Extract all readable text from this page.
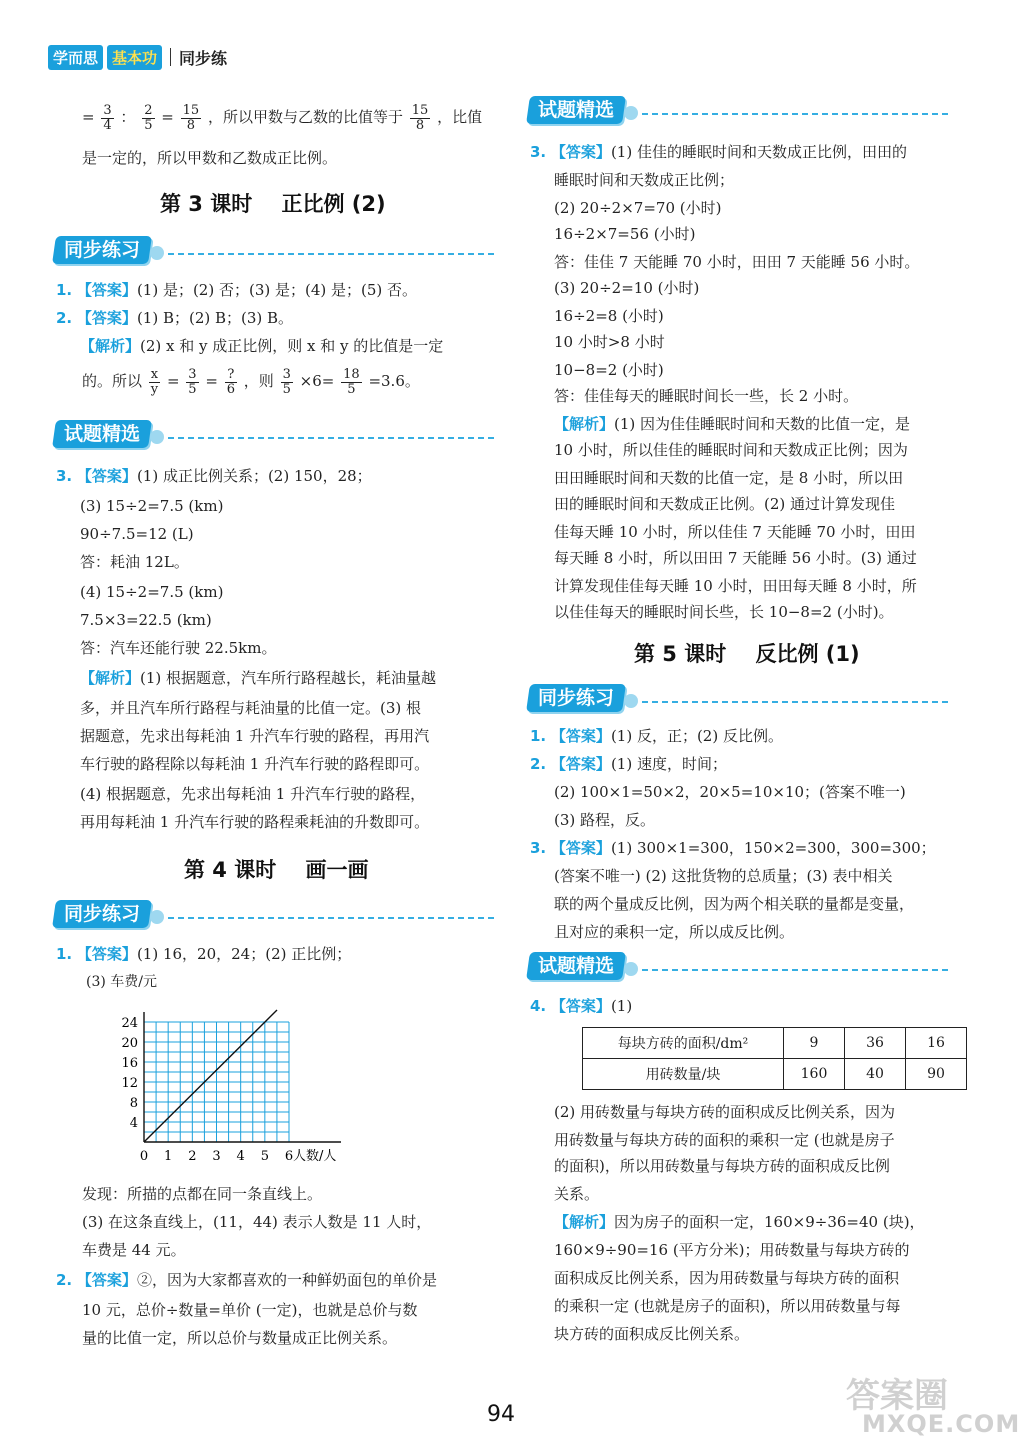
学而思 基本功	同步练
= $\frac{3}{4}$ ： $\frac{2}{5} = \frac{15}{8}$ ，所以甲数与乙数的比值等于 $\frac{15}{8}$ ，比值
是一定的，所以甲数和乙数成正比例。
第 3 课时    正比例 (2)
同步练习
1. 【答案】(1) 是；(2) 否；(3) 是；(4) 是；(5) 否。
2. 【答案】(1) B；(2) B；(3) B。
【解析】(2) x 和 y 成正比例，则 x 和 y 的比值是一定
的。所以 $\frac{x}{y} = \frac{3}{5} = \frac{?}{6}$ ，则 $\frac{3}{5} \times 6= \frac{18}{5} =3.6$。
试题精选
3. 【答案】(1) 成正比例关系；(2) 150，28；
(3) 15÷2=7.5 (km)
90÷7.5=12 (L)
答：耗油 12L。
(4) 15÷2=7.5 (km)
7.5×3=22.5 (km)
答：汽车还能行驶 22.5km。
【解析】(1) 根据题意，汽车所行路程越长，耗油量越
多，并且汽车所行路程与耗油量的比值一定。(3) 根
据题意，先求出每耗油 1 升汽车行驶的路程，再用汽
车行驶的路程除以每耗油 1 升汽车行驶的路程即可。
(4) 根据题意，先求出每耗油 1 升汽车行驶的路程，
再用每耗油 1 升汽车行驶的路程乘耗油的升数即可。
第 4 课时    画一画
同步练习
1. 【答案】(1) 16，20，24；(2) 正比例；
(3) 车费/元
0 1 2 3 4 5 6
4
8
12
16
20
24
人数/人
发现：所描的点都在同一条直线上。
(3) 在这条直线上，(11，44) 表示人数是 11 人时，
车费是 44 元。
2. 【答案】②，因为大家都喜欢的一种鲜奶面包的单价是
10 元，总价÷数量=单价 (一定)，也就是总价与数
量的比值一定，所以总价与数量成正比例关系。
试题精选
3. 【答案】(1) 佳佳的睡眠时间和天数成正比例，田田的
睡眠时间和天数成正比例；
(2) 20÷2×7=70 (小时)
16÷2×7=56 (小时)
答：佳佳 7 天能睡 70 小时，田田 7 天能睡 56 小时。
(3) 20÷2=10 (小时)
16÷2=8 (小时)
10 小时>8 小时
10−8=2 (小时)
答：佳佳每天的睡眠时间长一些，长 2 小时。
【解析】(1) 因为佳佳睡眠时间和天数的比值一定，是
10 小时，所以佳佳的睡眠时间和天数成正比例；因为
田田睡眠时间和天数的比值一定，是 8 小时，所以田
田的睡眠时间和天数成正比例。(2) 通过计算发现佳
佳每天睡 10 小时，所以佳佳 7 天能睡 70 小时，田田
每天睡 8 小时，所以田田 7 天能睡 56 小时。(3) 通过
计算发现佳佳每天睡 10 小时，田田每天睡 8 小时，所
以佳佳每天的睡眠时间长些，长 10−8=2 (小时)。
第 5 课时    反比例 (1)
同步练习
1. 【答案】(1) 反，正；(2) 反比例。
2. 【答案】(1) 速度，时间；
(2) 100×1=50×2，20×5=10×10；(答案不唯一)
(3) 路程，反。
3. 【答案】(1) 300×1=300，150×2=300，300=300；
(答案不唯一) (2) 这批货物的总质量；(3) 表中相关
联的两个量成反比例，因为两个相关联的量都是变量，
且对应的乘积一定，所以成反比例。
试题精选
4. 【答案】(1)
每块方砖的面积/dm²	9	36	16
用砖数量/块	160	40	90
(2) 用砖数量与每块方砖的面积成反比例关系，因为
用砖数量与每块方砖的面积的乘积一定 (也就是房子
的面积)，所以用砖数量与每块方砖的面积成反比例
关系。
【解析】因为房子的面积一定，160×9÷36=40 (块)，
160×9÷90=16 (平方分米)；用砖数量与每块方砖的
面积成反比例关系，因为用砖数量与每块方砖的面积
的乘积一定 (也就是房子的面积)，所以用砖数量与每
块方砖的面积成反比例关系。
94	答案圈
MXQE.COM
